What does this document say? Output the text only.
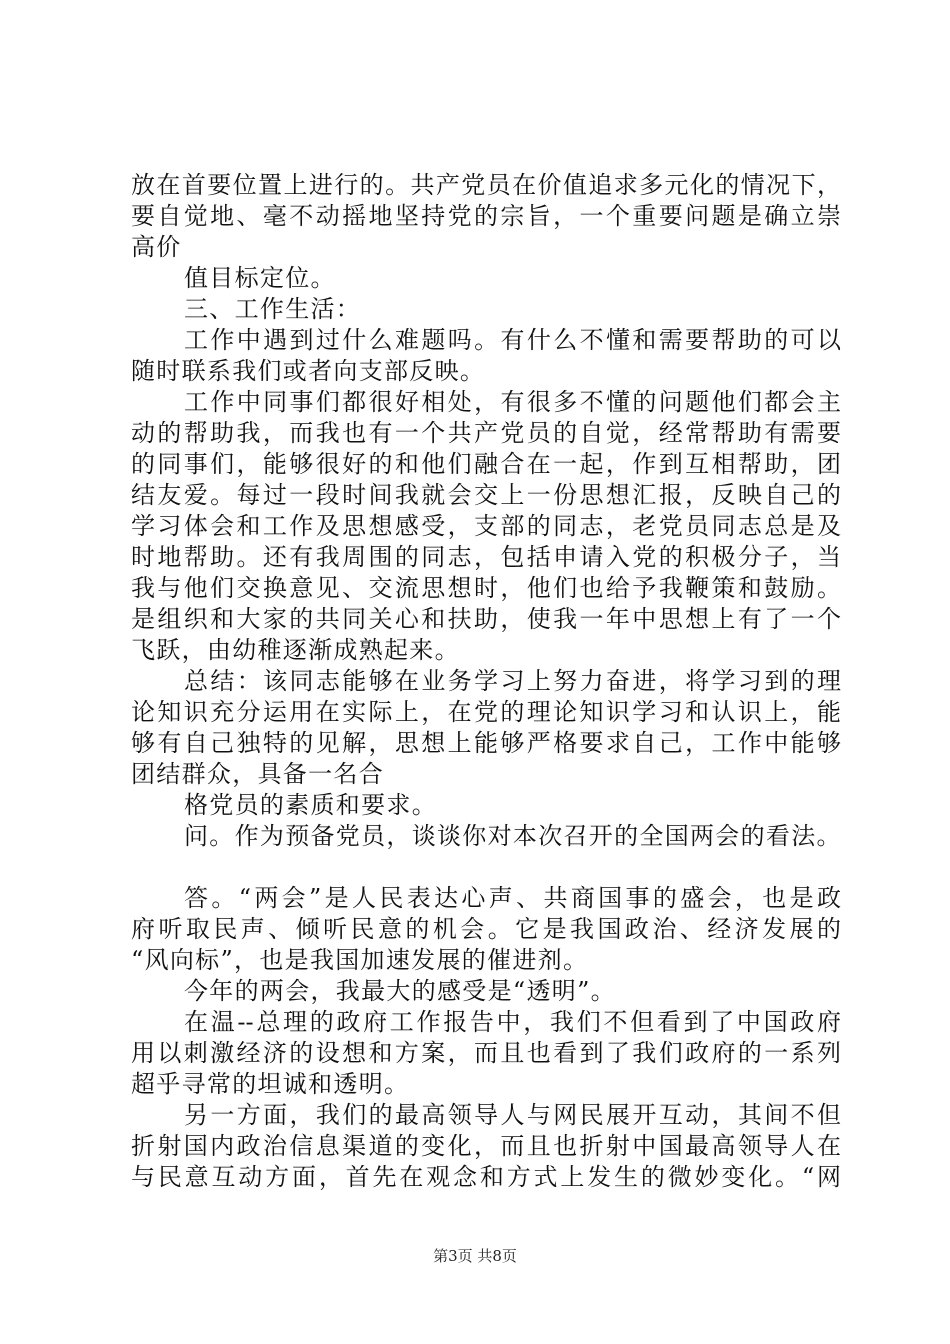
放在首要位置上进行的。共产党员在价值追求多元化的情况下，
要自觉地、毫不动摇地坚持党的宗旨，一个重要问题是确立崇
高价
值目标定位。
三、工作生活：
工作中遇到过什么难题吗。有什么不懂和需要帮助的可以
随时联系我们或者向支部反映。
工作中同事们都很好相处，有很多不懂的问题他们都会主
动的帮助我，而我也有一个共产党员的自觉，经常帮助有需要
的同事们，能够很好的和他们融合在一起，作到互相帮助，团
结友爱。每过一段时间我就会交上一份思想汇报，反映自己的
学习体会和工作及思想感受，支部的同志，老党员同志总是及
时地帮助。还有我周围的同志，包括申请入党的积极分子，当
我与他们交换意见、交流思想时，他们也给予我鞭策和鼓励。
是组织和大家的共同关心和扶助，使我一年中思想上有了一个
飞跃，由幼稚逐渐成熟起来。
总结：该同志能够在业务学习上努力奋进，将学习到的理
论知识充分运用在实际上，在党的理论知识学习和认识上，能
够有自己独特的见解，思想上能够严格要求自己，工作中能够
团结群众，具备一名合
格党员的素质和要求。
问。作为预备党员，谈谈你对本次召开的全国两会的看法。
答。“两会”是人民表达心声、共商国事的盛会，也是政
府听取民声、倾听民意的机会。它是我国政治、经济发展的
“风向标”，也是我国加速发展的催进剂。
今年的两会，我最大的感受是“透明”。
在温--总理的政府工作报告中，我们不但看到了中国政府
用以刺激经济的设想和方案，而且也看到了我们政府的一系列
超乎寻常的坦诚和透明。
另一方面，我们的最高领导人与网民展开互动，其间不但
折射国内政治信息渠道的变化，而且也折射中国最高领导人在
与民意互动方面，首先在观念和方式上发生的微妙变化。“网
第3页 共8页
